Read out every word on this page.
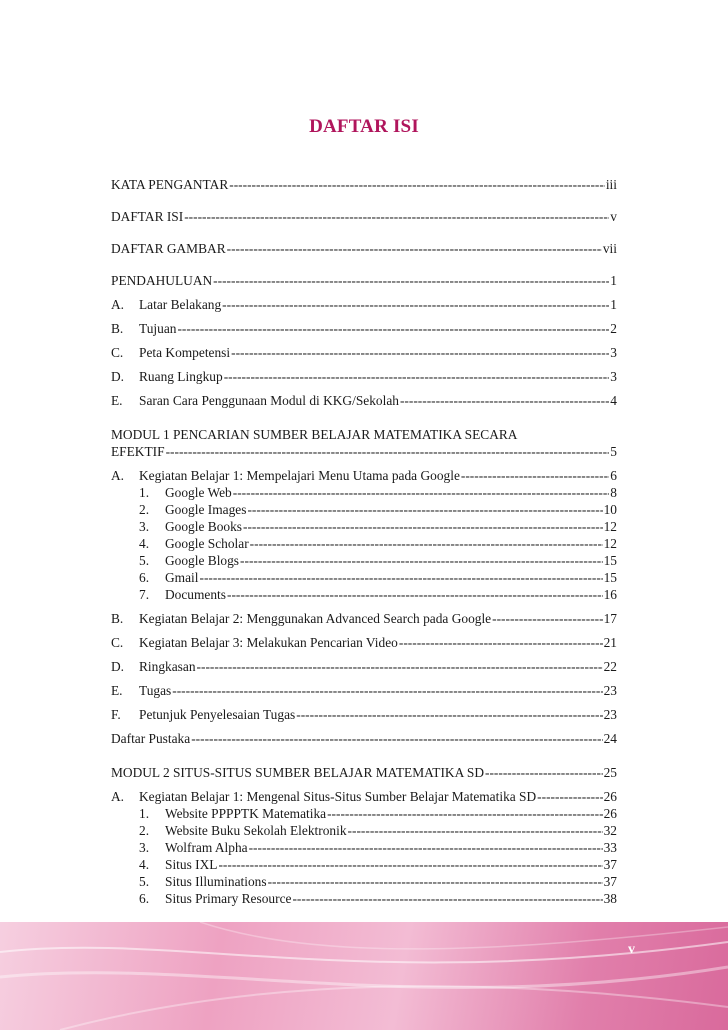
DAFTAR ISI
KATA PENGANTAR -----	iii
DAFTAR ISI -----	v
DAFTAR GAMBAR -----	vii
PENDAHULUAN -----	1
A.	Latar Belakang -----	1
B.	Tujuan -----	2
C.	Peta Kompetensi -----	3
D.	Ruang Lingkup -----	3
E.	Saran Cara Penggunaan Modul di KKG/Sekolah -----	4
MODUL 1 PENCARIAN SUMBER BELAJAR MATEMATIKA SECARA
EFEKTIF -----	5
A.	Kegiatan Belajar 1: Mempelajari Menu Utama pada Google -----	6
1.	Google Web -----	8
2.	Google Images -----	10
3.	Google Books -----	12
4.	Google Scholar -----	12
5.	Google Blogs -----	15
6.	Gmail -----	15
7.	Documents -----	16
B.	Kegiatan Belajar 2: Menggunakan Advanced Search pada Google -----	17
C.	Kegiatan Belajar 3: Melakukan Pencarian Video -----	21
D.	Ringkasan -----	22
E.	Tugas -----	23
F.	Petunjuk Penyelesaian Tugas -----	23
Daftar Pustaka -----	24
MODUL 2 SITUS-SITUS SUMBER BELAJAR MATEMATIKA SD -----	25
A.	Kegiatan Belajar 1: Mengenal Situs-Situs Sumber Belajar Matematika SD -----	26
1.	Website PPPPTK Matematika -----	26
2.	Website Buku Sekolah Elektronik -----	32
3.	Wolfram Alpha -----	33
4.	Situs IXL -----	37
5.	Situs Illuminations -----	37
6.	Situs Primary Resource -----	38
v
